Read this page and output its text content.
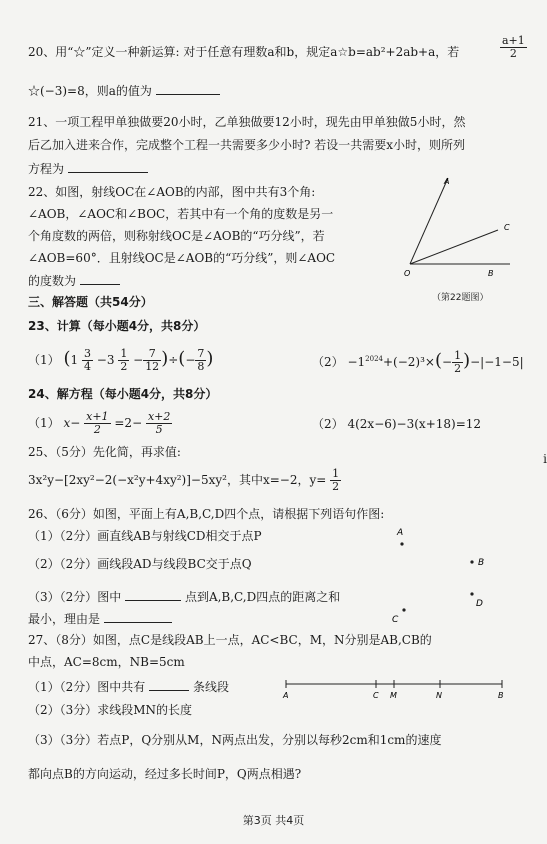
20、用“☆”定义一种新运算: 对于任意有理数a和b，规定a☆b=ab²+2ab+a，若	$\frac{a+1}{2}$
☆(−3)=8，则a的值为
21、一项工程甲单独做要20小时，乙单独做要12小时，现先由甲单独做5小时，然
后乙加入进来合作，完成整个工程一共需要多少小时? 若设一共需要x小时，则所列
方程为
22、如图，射线OC在∠AOB的内部，图中共有3个角:
∠AOB，∠AOC和∠BOC，若其中有一个角的度数是另一
个角度数的两倍，则称射线OC是∠AOB的“巧分线”，若
∠AOB=60°．且射线OC是∠AOB的“巧分线”，则∠AOC
的度数为
A
C
O	B
（第22题图）
三、解答题（共54分）
23、计算（每小题4分，共8分）
（1） ($1 \frac{3}{4} -3 \frac{1}{2} - \frac{7}{12}$ )÷(− $\frac{7}{8}$ )	$(2) -1^{2024}+(-2)^3\times(- \frac{1}{2} )-|-1-5|$
24、解方程（每小题4分，共8分）
（1） $x- \frac{x+1}{2} =2- \frac{x+2}{5}$	（2） 4(2x−6)−3(x+18)=12
25、（5分）先化简，再求值:
3x²y−[2xy²−2(−x²y+4xy²)]−5xy²，其中x=−2，$y= \frac{1}{2}$
26、（6分）如图，平面上有A,B,C,D四个点，请根据下列语句作图:
（1）（2分）画直线AB与射线CD相交于点P
（2）（2分）画线段AD与线段BC交于点Q
（3）（2分）图中	点到A,B,C,D四点的距离之和
最小，理由是
A
B
C
D
27、（8分）如图，点C是线段AB上一点，AC<BC，M，N分别是AB,CB的
中点，AC=8cm，NB=5cm
（1）（2分）图中共有	条线段
A	C M	N	B
（2）（3分）求线段MN的长度
（3）（3分）若点P，Q分别从M，N两点出发，分别以每秒2cm和1cm的速度
都向点B的方向运动，经过多长时间P，Q两点相遇?
第3页 共4页
i
